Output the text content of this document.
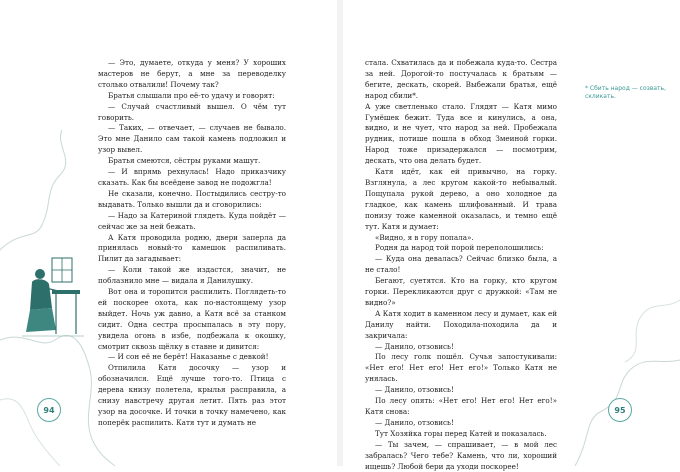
— Это, думаете, откуда у меня? У хороших мастеров не берут, а мне за переводелку столько отвалили! Почему так?

Братья слышали про её-то удачу и говорят:

— Случай счастливый вышел. О чём тут говорить.

— Таких, — отвечает, — случаев не бывало. Это мне Данило сам такой камень подложил и узор вывел.

Братья смеются, сёстры руками машут.

— И впрямь рехнулась! Надо приказчику сказать. Как бы всеёдене завод не подожгла!

Не сказали, конечно. Постыдились сестру-то выдавать. Только вышли да и сговорились:

— Надо за Катериной глядеть. Куда пойдёт — сейчас же за ней бежать.

А Катя проводила родню, двери заперла да принялась новый-то камешок распиливать. Пилит да загадывает:

— Коли такой же издастся, значит, не поблазнило мне — видала я Данилушку.

Вот она и торопится распилить. Поглядеть-то ей поскорее охота, как по-настоящему узор выйдет. Ночь уж давно, а Катя всё за станком сидит. Одна сестра просыпалась в эту пору, увидела огонь в избе, подбежала к окошку, смотрит сквозь щёлку в ставне и дивится:

— И сон её не берёт! Наказанье с девкой!

Отпилила Катя досочку — узор и обозначился. Ещё лучше того-то. Птица с дерева книзу полетела, крылья расправила, а снизу навстречу другая летит. Пять раз этот узор на досочке. И точки в точку намечено, как поперёк распилить. Катя тут и думать не

стала. Схватилась да и побежала куда-то. Сестра за ней. Дорогой-то постучалась к братьям — бегите, дескать, скорей. Выбежали братья, ещё народ сбили*.

А уже светленько стало. Глядят — Катя мимо Гумёшек бежит. Туда все и кинулись, а она, видно, и не чует, что народ за ней. Пробежала рудник, потише пошла в обход Змеиной горки. Народ тоже призадержался — посмотрим, дескать, что она делать будет.

Катя идёт, как ей привычно, на горку. Взглянула, а лес кругом какой-то небывалый. Пощупала рукой дерево, а оно холодное да гладкое, как камень шлифованный. И трава понизу тоже каменной оказалась, и темно ещё тут. Катя и думает:

«Видно, я в гору попала».

Родня да народ той порой переполошились:

— Куда она девалась? Сейчас близко была, а не стало!

Бегают, суетятся. Кто на горку, кто кругом горки. Перекликаются друг с дружкой: «Там не видно?»

А Катя ходит в каменном лесу и думает, как ей Данилу найти. Походила-походила да и закричала:

— Данило, отзовись!

По лесу голк пошёл. Сучья запостукивали: «Нет его! Нет его! Нет его!» Только Катя не унялась.

— Данило, отзовись!

По лесу опять: «Нет его! Нет его! Нет его!» Катя снова:

— Данило, отзовись!

Тут Хозяйка горы перед Катей и показалась.

— Ты зачем, — спрашивает, — в мой лес забралась? Чего тебе? Камень, что ли, хороший ищешь? Любой бери да уходи поскорее!

* Сбить народ — созвать, скликать.
94	95
